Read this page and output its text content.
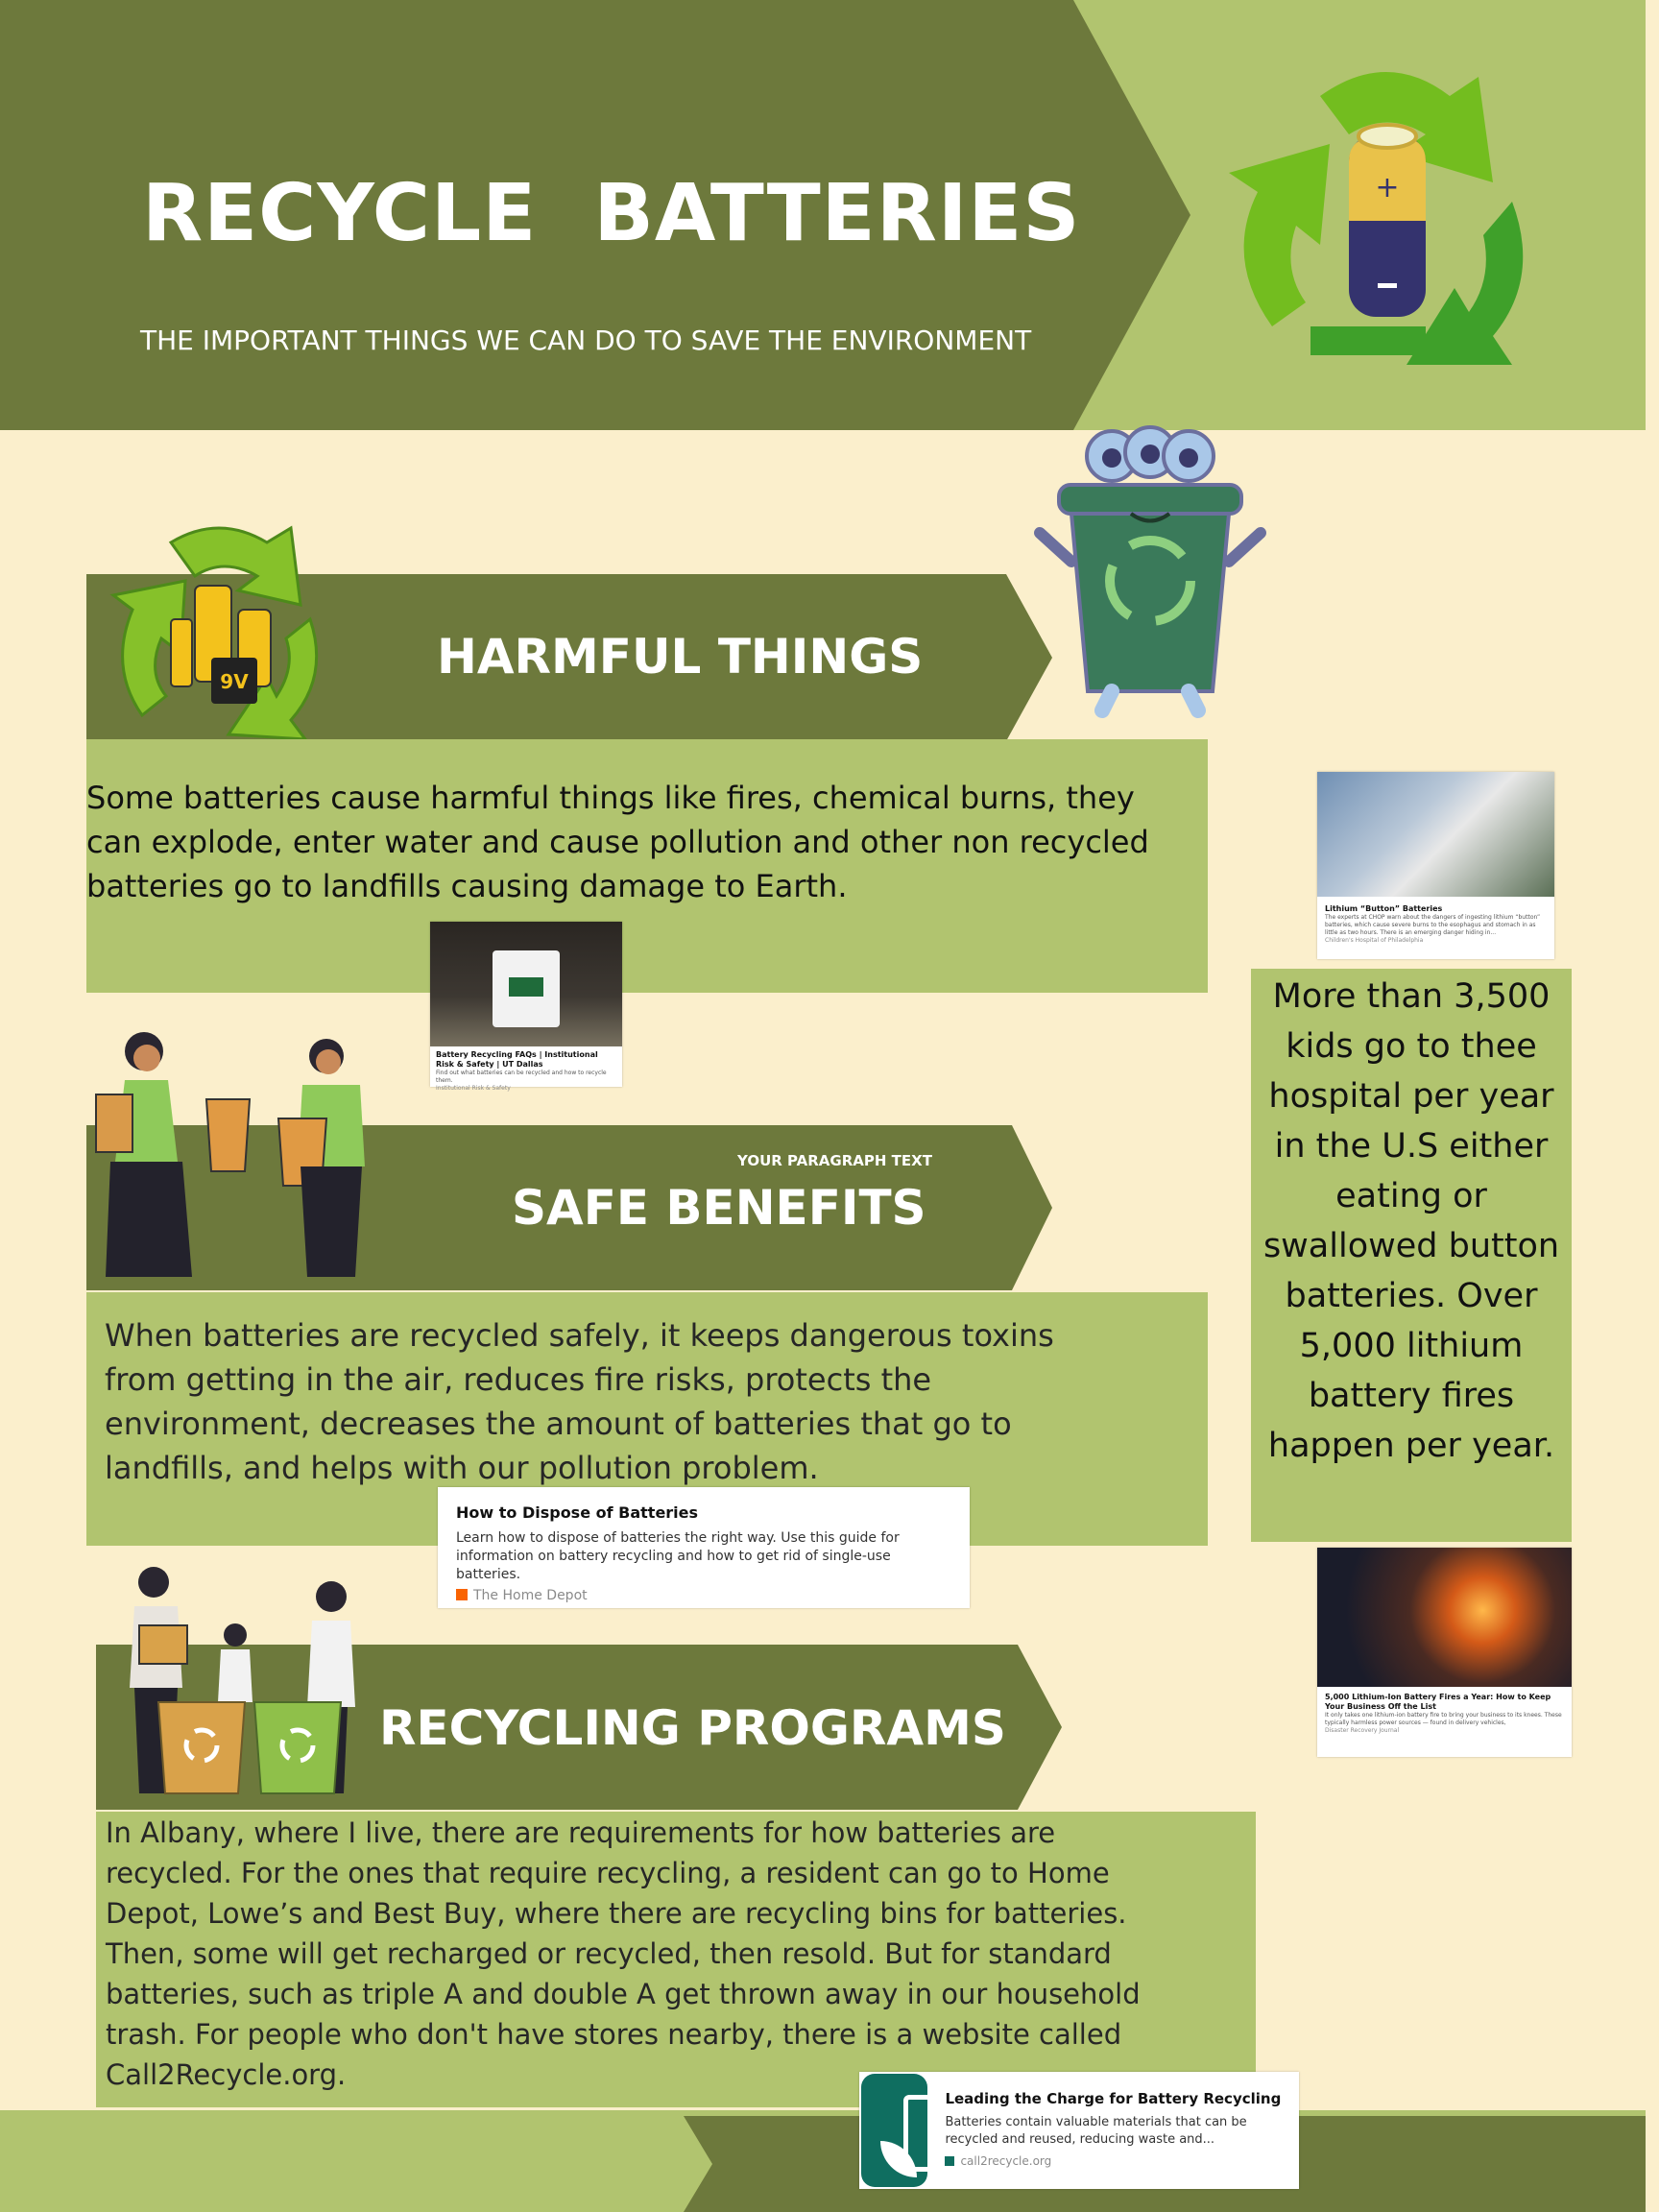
RECYCLE  BATTERIES

THE IMPORTANT THINGS WE CAN DO TO SAVE THE ENVIRONMENT

+
HARMFUL THINGS
9V

Some batteries cause harmful things like fires, chemical burns, they can explode, enter water and cause pollution and other non recycled batteries go to landfills causing damage to Earth.

Lithium “Button” Batteries

The experts at CHOP warn about the dangers of ingesting lithium “button” batteries, which cause severe burns to the esophagus and stomach in as little as two hours. There is an emerging danger hiding in...

Children's Hospital of Philadelphia

More than 3,500 kids go to thee hospital per year in the U.S either eating or swallowed button batteries. Over 5,000 lithium battery fires happen per year.

Battery Recycling FAQs | Institutional Risk & Safety | UT Dallas

Find out what batteries can be recycled and how to recycle them.

Institutional Risk & Safety

YOUR PARAGRAPH TEXT
SAFE BENEFITS

When batteries are recycled safely, it keeps dangerous toxins from getting in the air, reduces fire risks, protects the environment, decreases the amount of batteries that go to landfills, and helps with our pollution problem.

How to Dispose of Batteries

Learn how to dispose of batteries the right way. Use this guide for information on battery recycling and how to get rid of single-use batteries.

The Home Depot

5,000 Lithium-Ion Battery Fires a Year: How to Keep Your Business Off the List

It only takes one lithium-ion battery fire to bring your business to its knees. These typically harmless power sources — found in delivery vehicles,

Disaster Recovery Journal

RECYCLING PROGRAMS

In Albany, where I live, there are requirements for how batteries are recycled. For the ones that require recycling, a resident can go to Home Depot, Lowe’s and Best Buy, where there are recycling bins for batteries. Then, some will get recharged or recycled, then resold. But for standard batteries, such as triple A and double A get thrown away in our household trash. For people who don't have stores nearby, there is a website called Call2Recycle.org.

Leading the Charge for Battery Recycling

Batteries contain valuable materials that can be recycled and reused, reducing waste and...

call2recycle.org
